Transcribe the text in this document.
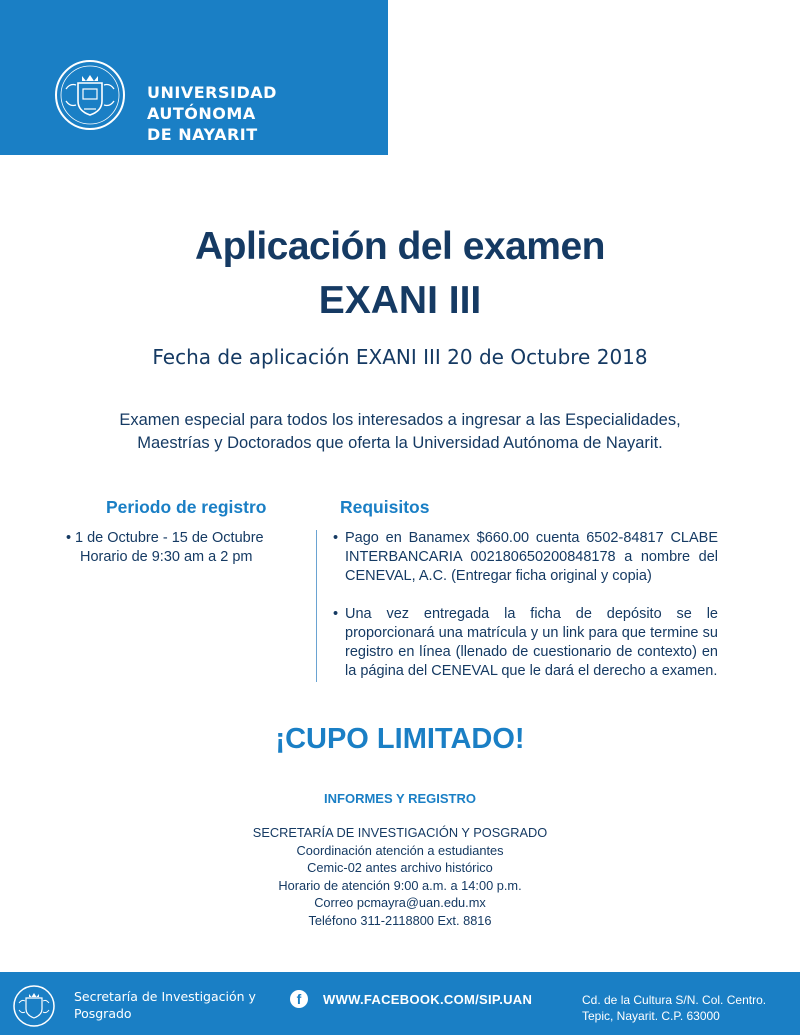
UNIVERSIDAD AUTÓNOMA
DE NAYARIT
Aplicación del examen
EXANI III
Fecha de aplicación EXANI III 20 de Octubre 2018
Examen especial para todos los interesados a ingresar a las Especialidades,
Maestrías y Doctorados que oferta la Universidad Autónoma de Nayarit.
Periodo de registro	Requisitos
• 1 de Octubre - 15 de Octubre
Horario de 9:30 am a 2 pm
• Pago en Banamex $660.00 cuenta 6502-84817 CLABE INTERBANCARIA 002180650200848178 a nombre del CENEVAL, A.C. (Entregar ficha original y copia)
• Una vez entregada la ficha de depósito se le proporcionará una matrícula y un link para que termine su registro en línea (llenado de cuestionario de contexto) en la página del CENEVAL que le dará el derecho a examen.
¡CUPO LIMITADO!
INFORMES Y REGISTRO
SECRETARÍA DE INVESTIGACIÓN Y POSGRADO
Coordinación atención a estudiantes
Cemic-02 antes archivo histórico
Horario de atención 9:00 a.m. a 14:00 p.m.
Correo pcmayra@uan.edu.mx
Teléfono 311-2118800 Ext. 8816
Secretaría de Investigación y
Posgrado
f	WWW.FACEBOOK.COM/SIP.UAN	Cd. de la Cultura S/N. Col. Centro.
Tepic, Nayarit. C.P. 63000
